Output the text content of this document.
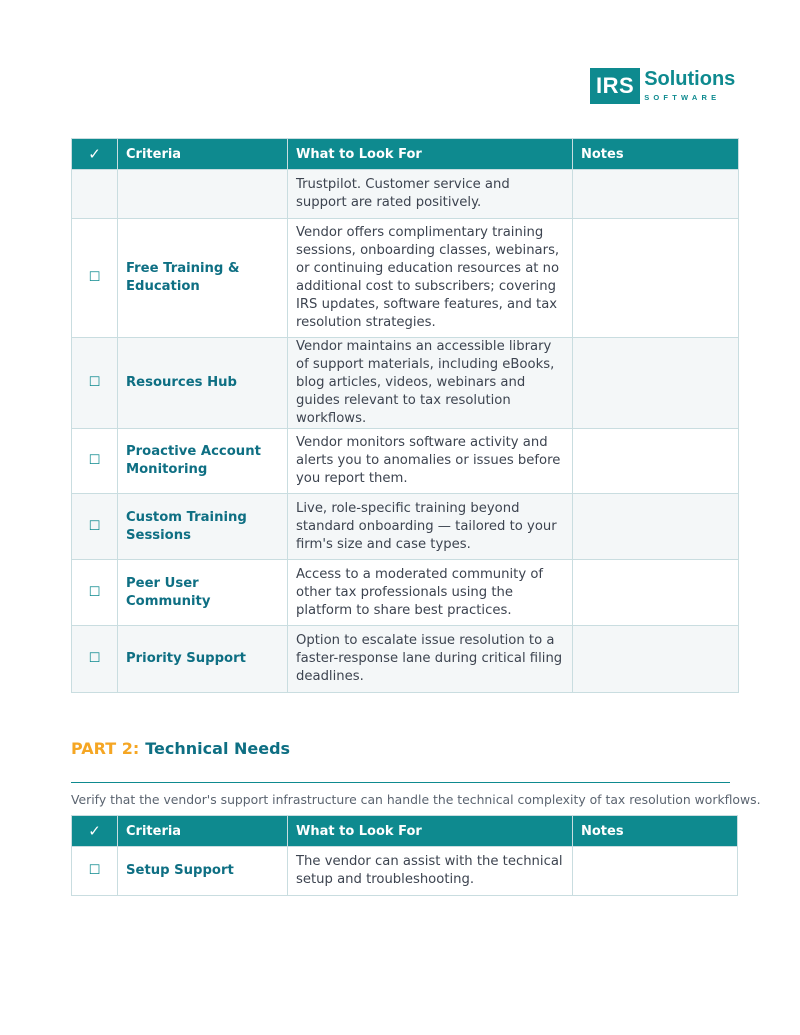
IRS Solutions
SOFTWARE
✓	Criteria	What to Look For	Notes
		Trustpilot. Customer service and support are rated positively.	
☐	Free Training & Education	Vendor offers complimentary training sessions, onboarding classes, webinars, or continuing education resources at no additional cost to subscribers; covering IRS updates, software features, and tax resolution strategies.	
☐	Resources Hub	Vendor maintains an accessible library of support materials, including eBooks, blog articles, videos, webinars and guides relevant to tax resolution workflows.	
☐	Proactive Account Monitoring	Vendor monitors software activity and alerts you to anomalies or issues before you report them.	
☐	Custom Training Sessions	Live, role-specific training beyond standard onboarding — tailored to your firm's size and case types.	
☐	Peer User Community	Access to a moderated community of other tax professionals using the platform to share best practices.	
☐	Priority Support	Option to escalate issue resolution to a faster-response lane during critical filing deadlines.	
PART 2: Technical Needs
Verify that the vendor's support infrastructure can handle the technical complexity of tax resolution workflows.
✓	Criteria	What to Look For	Notes
☐	Setup Support	The vendor can assist with the technical setup and troubleshooting.	
